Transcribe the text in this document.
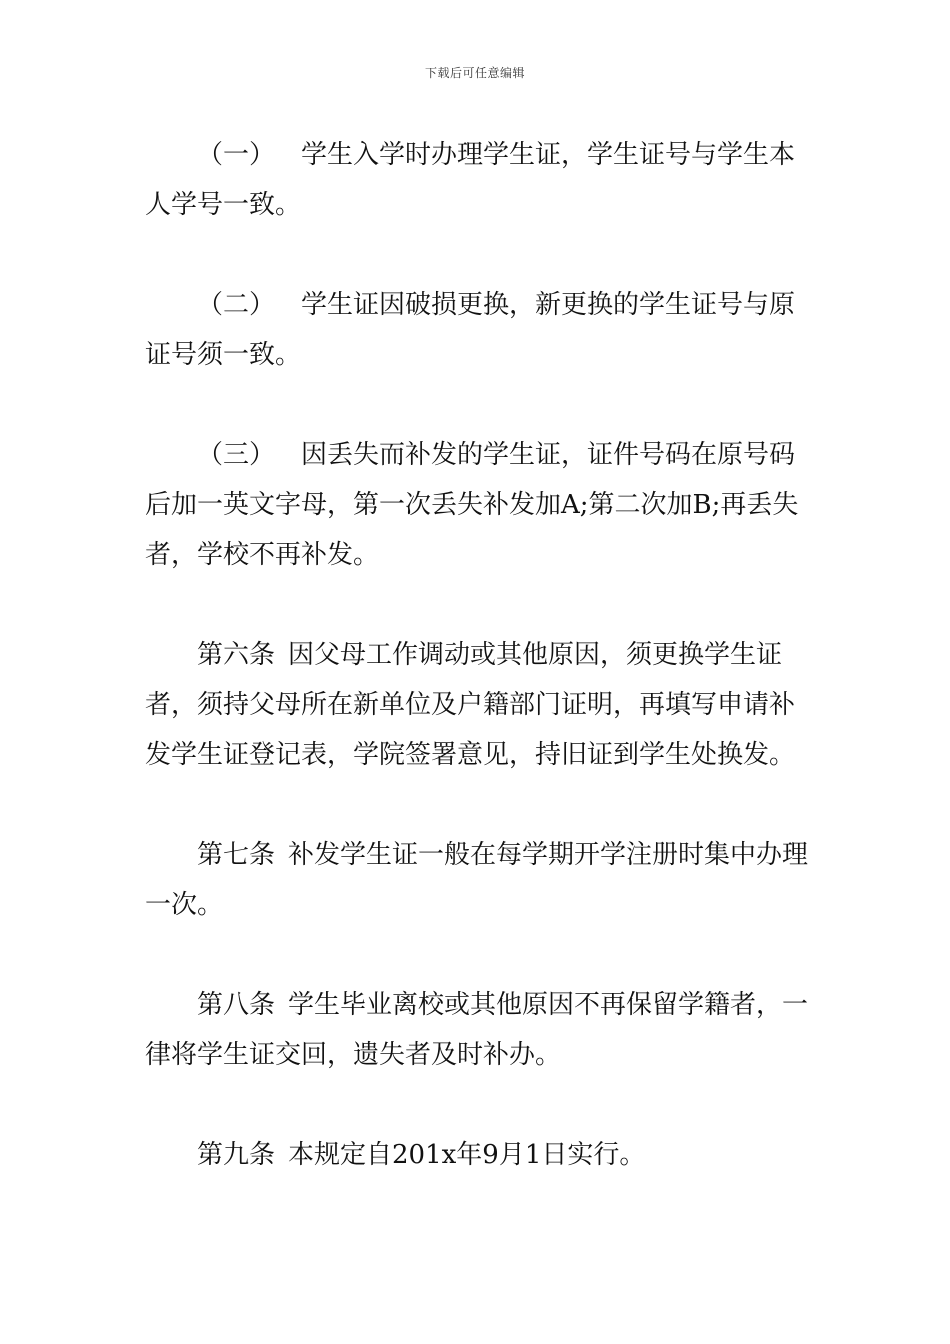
下载后可任意编辑

（一） 学生入学时办理学生证，学生证号与学生本人学号一致。

（二） 学生证因破损更换，新更换的学生证号与原证号须一致。

（三） 因丢失而补发的学生证，证件号码在原号码后加一英文字母，第一次丢失补发加A;第二次加B;再丢失者，学校不再补发。

第六条 因父母工作调动或其他原因，须更换学生证者，须持父母所在新单位及户籍部门证明，再填写申请补发学生证登记表，学院签署意见，持旧证到学生处换发。

第七条 补发学生证一般在每学期开学注册时集中办理一次。

第八条 学生毕业离校或其他原因不再保留学籍者，一律将学生证交回，遗失者及时补办。

第九条 本规定自201x年9月1日实行。
